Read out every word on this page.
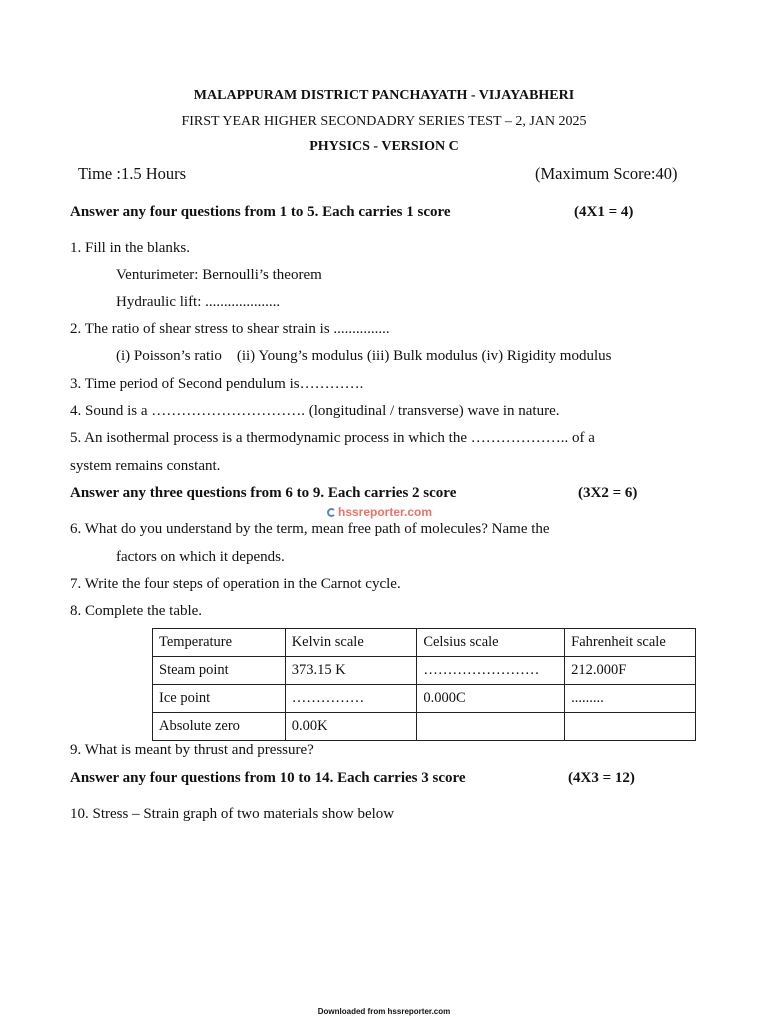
MALAPPURAM DISTRICT PANCHAYATH - VIJAYABHERI
FIRST YEAR HIGHER SECONDADRY SERIES TEST – 2, JAN 2025
PHYSICS - VERSION C
Time :1.5 Hours	(Maximum Score:40)
Answer any four questions from 1 to 5. Each carries 1 score	(4X1 = 4)
1. Fill in the blanks.
Venturimeter: Bernoulli’s theorem
Hydraulic lift: ....................
2. The ratio of shear stress to shear strain is ...............
(i) Poisson’s ratio    (ii) Young’s modulus (iii) Bulk modulus (iv) Rigidity modulus
3. Time period of Second pendulum is………….
4. Sound is a …………………………. (longitudinal / transverse) wave in nature.
5. An isothermal process is a thermodynamic process in which the ……………….. of a
system remains constant.
Answer any three questions from 6 to 9. Each carries 2 score	(3X2 = 6)
hssreporter.com
6. What do you understand by the term, mean free path of molecules? Name the
factors on which it depends.
7. Write the four steps of operation in the Carnot cycle.
8. Complete the table.
Temperature	Kelvin scale	Celsius scale	Fahrenheit scale
Steam point	373.15 K	……………………	212.000F
Ice point	……………	0.000C	.........
Absolute zero	0.00K		
9. What is meant by thrust and pressure?
Answer any four questions from 10 to 14. Each carries 3 score	(4X3 = 12)
10. Stress – Strain graph of two materials show below
Downloaded from hssreporter.com
